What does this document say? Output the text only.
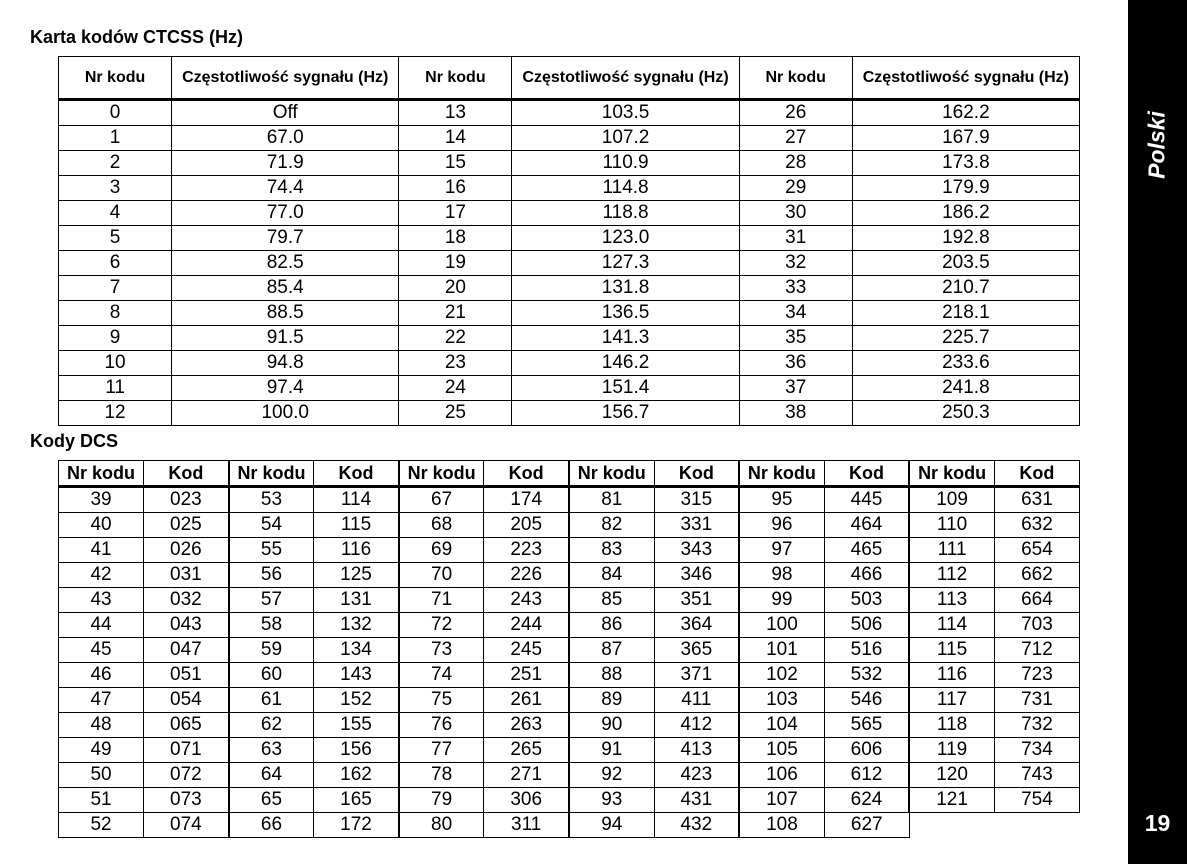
Polski
19
Karta kodów CTCSS (Hz)
Nr kodu	Częstotliwość sygnału (Hz)	Nr kodu	Częstotliwość sygnału (Hz)	Nr kodu	Częstotliwość sygnału (Hz)
0	Off	13	103.5	26	162.2
1	67.0	14	107.2	27	167.9
2	71.9	15	110.9	28	173.8
3	74.4	16	114.8	29	179.9
4	77.0	17	118.8	30	186.2
5	79.7	18	123.0	31	192.8
6	82.5	19	127.3	32	203.5
7	85.4	20	131.8	33	210.7
8	88.5	21	136.5	34	218.1
9	91.5	22	141.3	35	225.7
10	94.8	23	146.2	36	233.6
11	97.4	24	151.4	37	241.8
12	100.0	25	156.7	38	250.3
Kody DCS
Nr kodu	Kod	Nr kodu	Kod	Nr kodu	Kod	Nr kodu	Kod	Nr kodu	Kod	Nr kodu	Kod
39	023	53	114	67	174	81	315	95	445	109	631
40	025	54	115	68	205	82	331	96	464	110	632
41	026	55	116	69	223	83	343	97	465	111	654
42	031	56	125	70	226	84	346	98	466	112	662
43	032	57	131	71	243	85	351	99	503	113	664
44	043	58	132	72	244	86	364	100	506	114	703
45	047	59	134	73	245	87	365	101	516	115	712
46	051	60	143	74	251	88	371	102	532	116	723
47	054	61	152	75	261	89	411	103	546	117	731
48	065	62	155	76	263	90	412	104	565	118	732
49	071	63	156	77	265	91	413	105	606	119	734
50	072	64	162	78	271	92	423	106	612	120	743
51	073	65	165	79	306	93	431	107	624	121	754
52	074	66	172	80	311	94	432	108	627		
